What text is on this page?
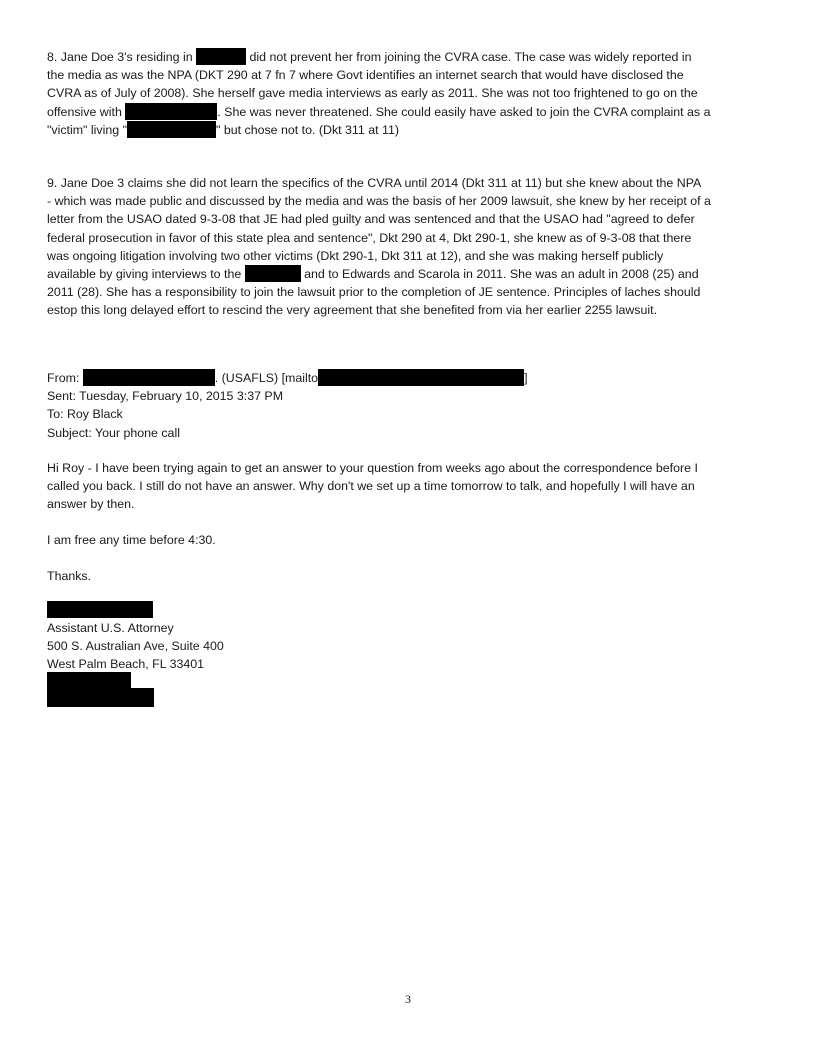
8. Jane Doe 3's residing in	did not prevent her from joining the CVRA case. The case was widely reported in
the media as was the NPA (DKT 290 at 7 fn 7 where Govt identifies an internet search that would have disclosed the
CVRA as of July of 2008). She herself gave media interviews as early as 2011. She was not too frightened to go on the
offensive with	. She was never threatened. She could easily have asked to join the CVRA complaint as a
"victim" living "	" but chose not to. (Dkt 311 at 11)
9. Jane Doe 3 claims she did not learn the specifics of the CVRA until 2014 (Dkt 311 at 11) but she knew about the NPA
- which was made public and discussed by the media and was the basis of her 2009 lawsuit, she knew by her receipt of a
letter from the USAO dated 9-3-08 that JE had pled guilty and was sentenced and that the USAO had "agreed to defer
federal prosecution in favor of this state plea and sentence", Dkt 290 at 4, Dkt 290-1, she knew as of 9-3-08 that there
was ongoing litigation involving two other victims (Dkt 290-1, Dkt 311 at 12), and she was making herself publicly
available by giving interviews to the	and to Edwards and Scarola in 2011. She was an adult in 2008 (25) and
2011 (28). She has a responsibility to join the lawsuit prior to the completion of JE sentence. Principles of laches should
estop this long delayed effort to rescind the very agreement that she benefited from via her earlier 2255 lawsuit.
From:	. (USAFLS) [mailto	]
Sent: Tuesday, February 10, 2015 3:37 PM
To: Roy Black
Subject: Your phone call
Hi Roy - I have been trying again to get an answer to your question from weeks ago about the correspondence before I
called you back. I still do not have an answer. Why don't we set up a time tomorrow to talk, and hopefully I will have an
answer by then.
I am free any time before 4:30.
Thanks.
Assistant U.S. Attorney
500 S. Australian Ave, Suite 400
West Palm Beach, FL 33401
3
